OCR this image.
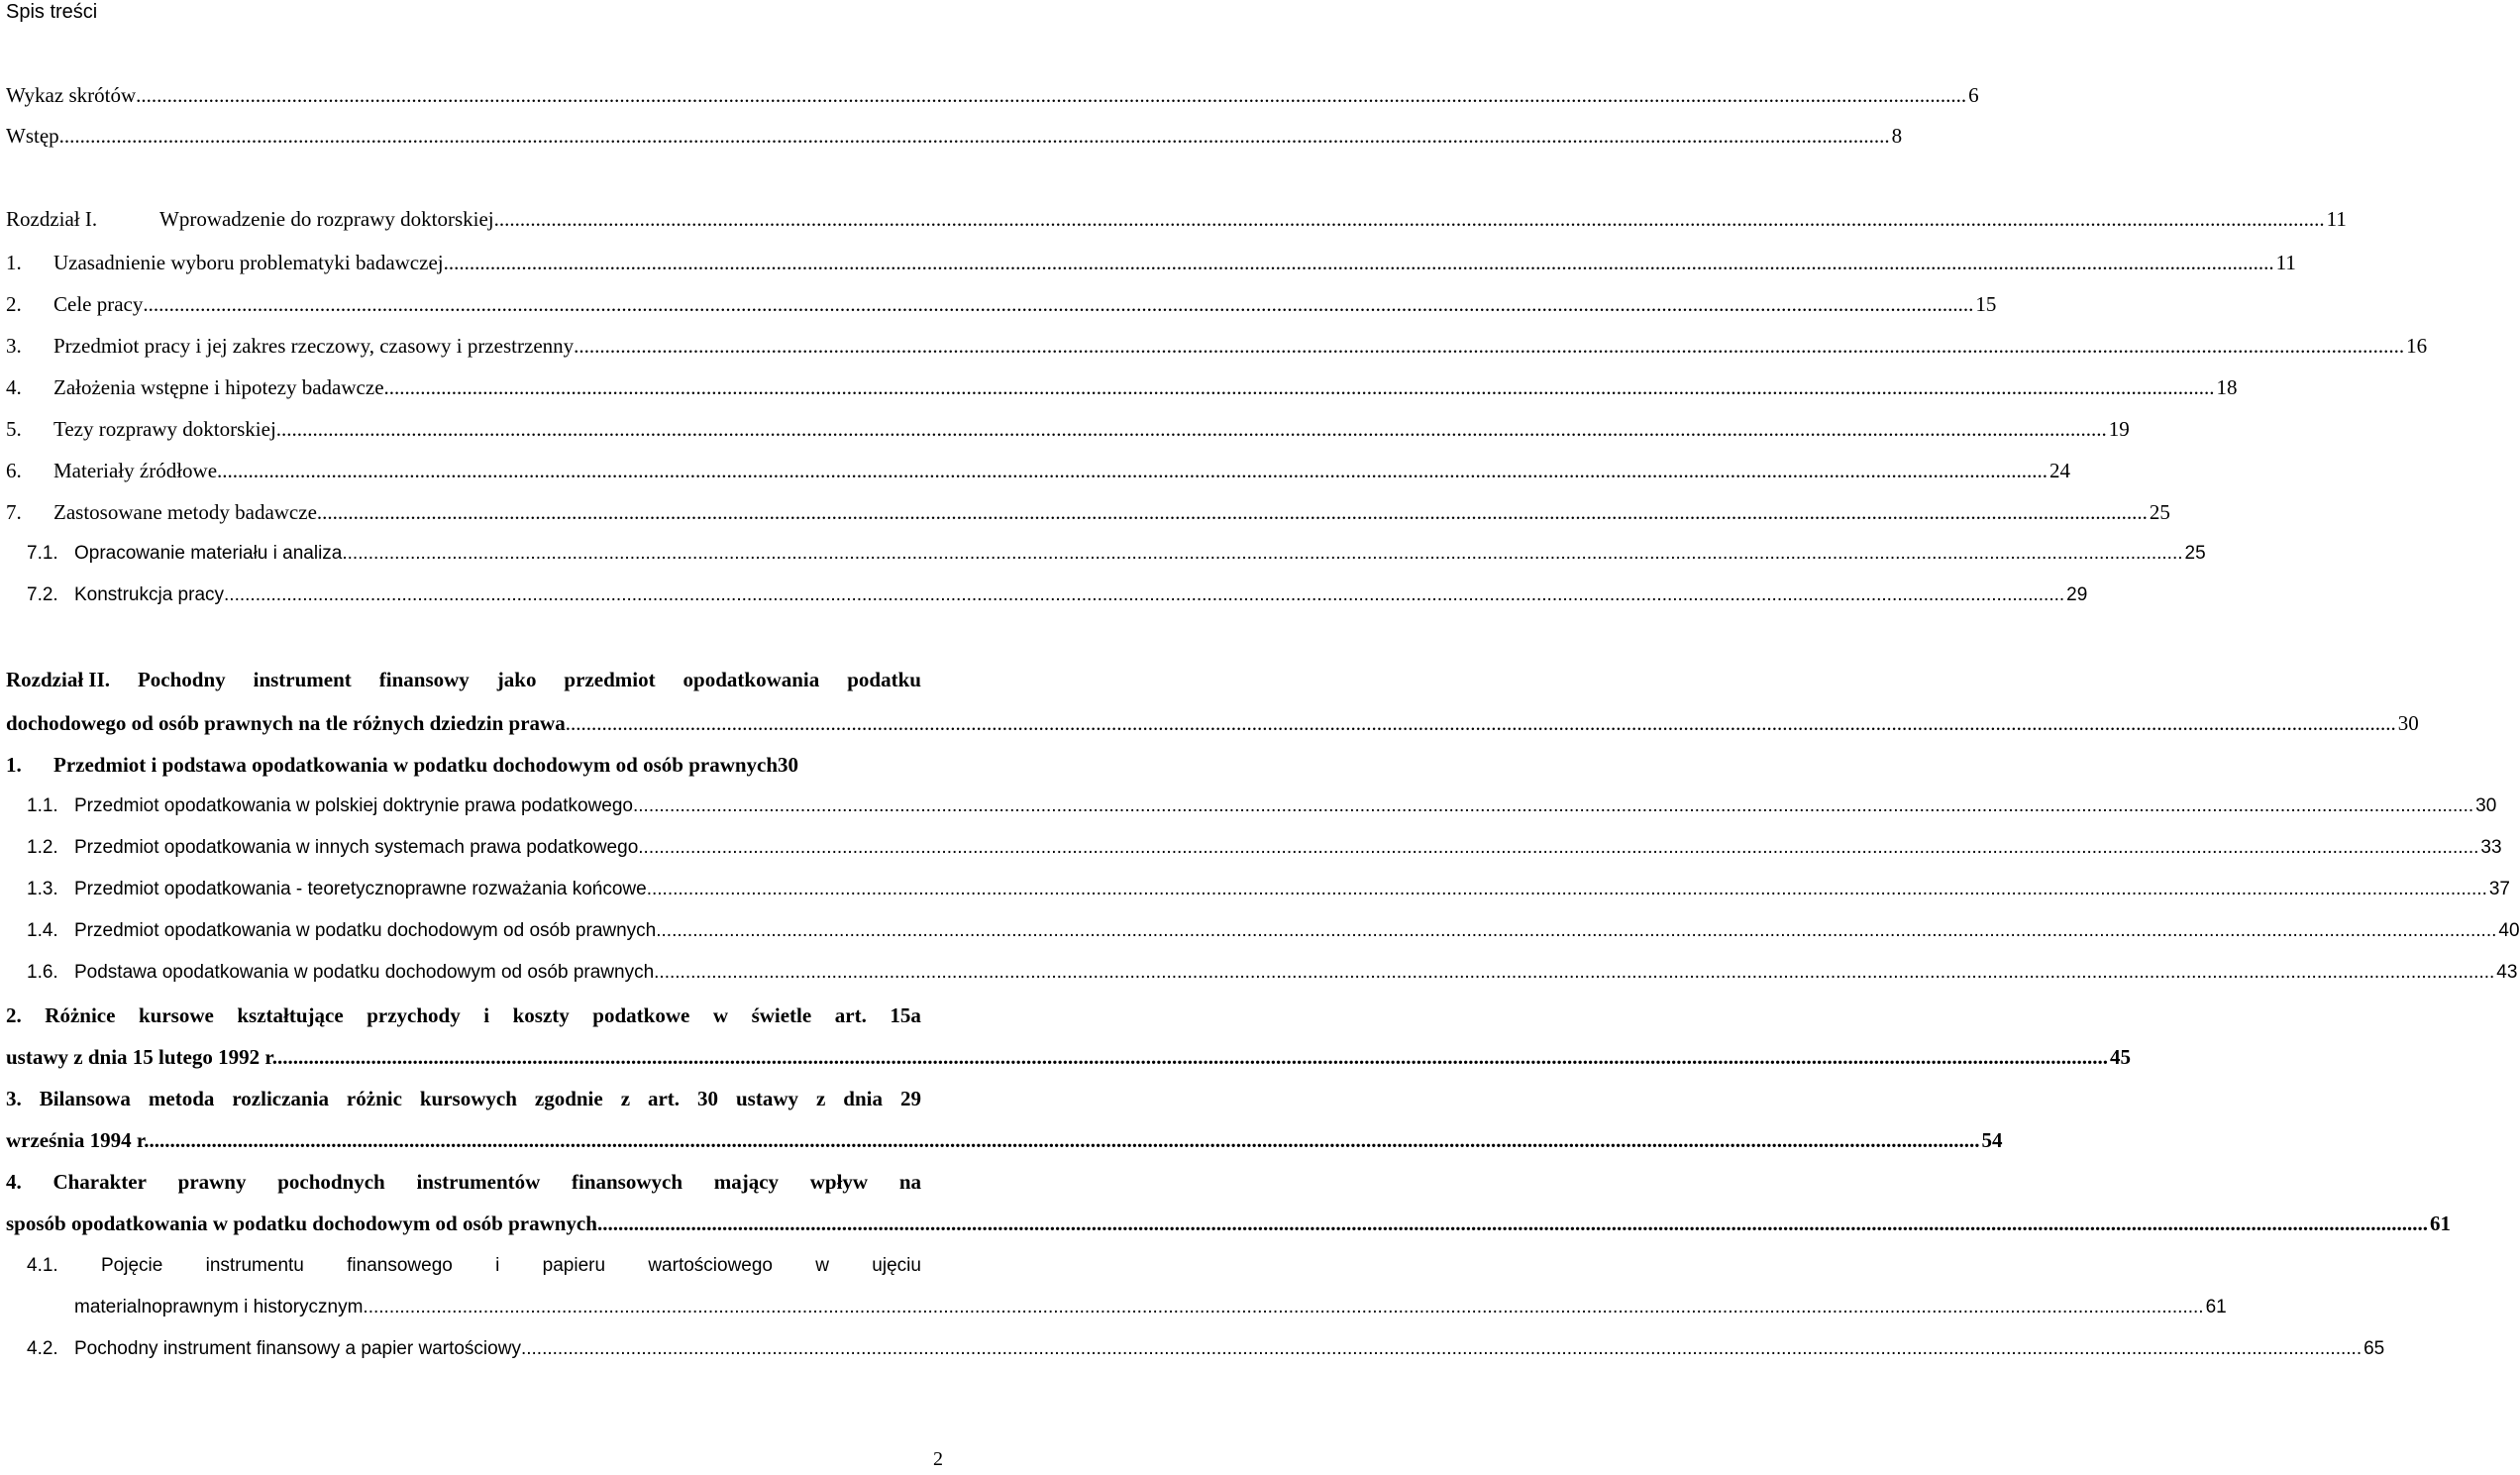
Spis treści
Wykaz skrótów .....	6
Wstęp .....	8
Rozdział I.	Wprowadzenie do rozprawy doktorskiej .....	11
1.	Uzasadnienie wyboru problematyki badawczej .....	11
2.	Cele pracy .....	15
3.	Przedmiot pracy i jej zakres rzeczowy, czasowy i przestrzenny .....	16
4.	Założenia wstępne i hipotezy badawcze .....	18
5.	Tezy rozprawy doktorskiej .....	19
6.	Materiały źródłowe .....	24
7.	Zastosowane metody badawcze .....	25
7.1. Opracowanie materiału i analiza .....	25
7.2. Konstrukcja pracy .....	29
Rozdział II. Pochodny instrument finansowy jako przedmiot opodatkowania podatku
dochodowego od osób prawnych na tle różnych dziedzin prawa .....	30
1.	Przedmiot i podstawa opodatkowania w podatku dochodowym od osób prawnych 30
1.1. Przedmiot opodatkowania w polskiej doktrynie prawa podatkowego .....	30
1.2. Przedmiot opodatkowania w innych systemach prawa podatkowego .....	33
1.3. Przedmiot opodatkowania - teoretycznoprawne rozważania końcowe .....	37
1.4. Przedmiot opodatkowania w podatku dochodowym od osób prawnych .....	40
1.6. Podstawa opodatkowania w podatku dochodowym od osób prawnych .....	43
2. Różnice kursowe kształtujące przychody i koszty podatkowe w świetle art. 15a
ustawy z dnia 15 lutego 1992 r. .....	45
3. Bilansowa metoda rozliczania różnic kursowych zgodnie z art. 30 ustawy z dnia 29
września 1994 r. .....	54
4. Charakter prawny pochodnych instrumentów finansowych mający wpływ na
sposób opodatkowania w podatku dochodowym od osób prawnych .....	61
4.1. Pojęcie instrumentu finansowego i papieru wartościowego w ujęciu
materialnoprawnym i historycznym .....	61
4.2. Pochodny instrument finansowy a papier wartościowy .....	65
2
